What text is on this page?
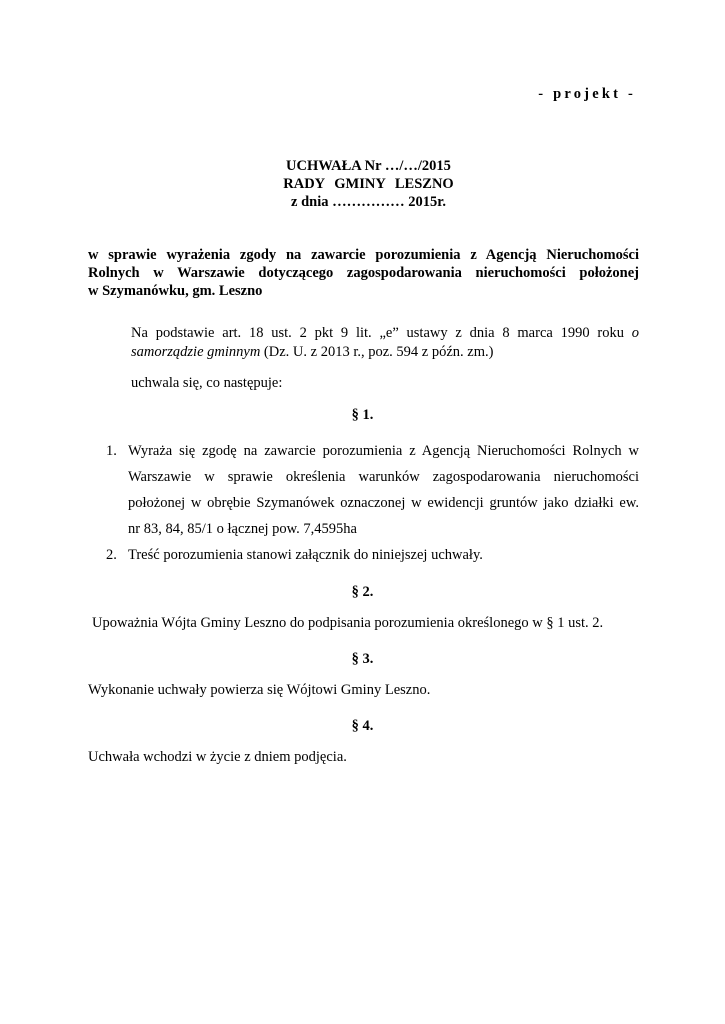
- projekt -
UCHWAŁA Nr …/…/2015
RADY GMINY LESZNO
z dnia …………… 2015r.
w sprawie wyrażenia zgody na zawarcie porozumienia z Agencją Nieruchomości
Rolnych w Warszawie dotyczącego zagospodarowania nieruchomości położonej
w Szymanówku, gm. Leszno
Na podstawie art. 18 ust. 2 pkt 9 lit. „e” ustawy z dnia 8 marca 1990 roku o samorządzie gminnym (Dz. U. z 2013 r., poz. 594 z późn. zm.)
uchwala się, co następuje:
§ 1.
1. Wyraża się zgodę na zawarcie porozumienia z Agencją Nieruchomości Rolnych w
Warszawie w sprawie określenia warunków zagospodarowania nieruchomości
położonej w obrębie Szymanówek oznaczonej w ewidencji gruntów jako działki ew.
nr 83, 84, 85/1 o łącznej pow. 7,4595ha
2. Treść porozumienia stanowi załącznik do niniejszej uchwały.
§ 2.
Upoważnia Wójta Gminy Leszno do podpisania porozumienia określonego w § 1 ust. 2.
§ 3.
Wykonanie uchwały powierza się Wójtowi Gminy Leszno.
§ 4.
Uchwała wchodzi w życie z dniem podjęcia.
